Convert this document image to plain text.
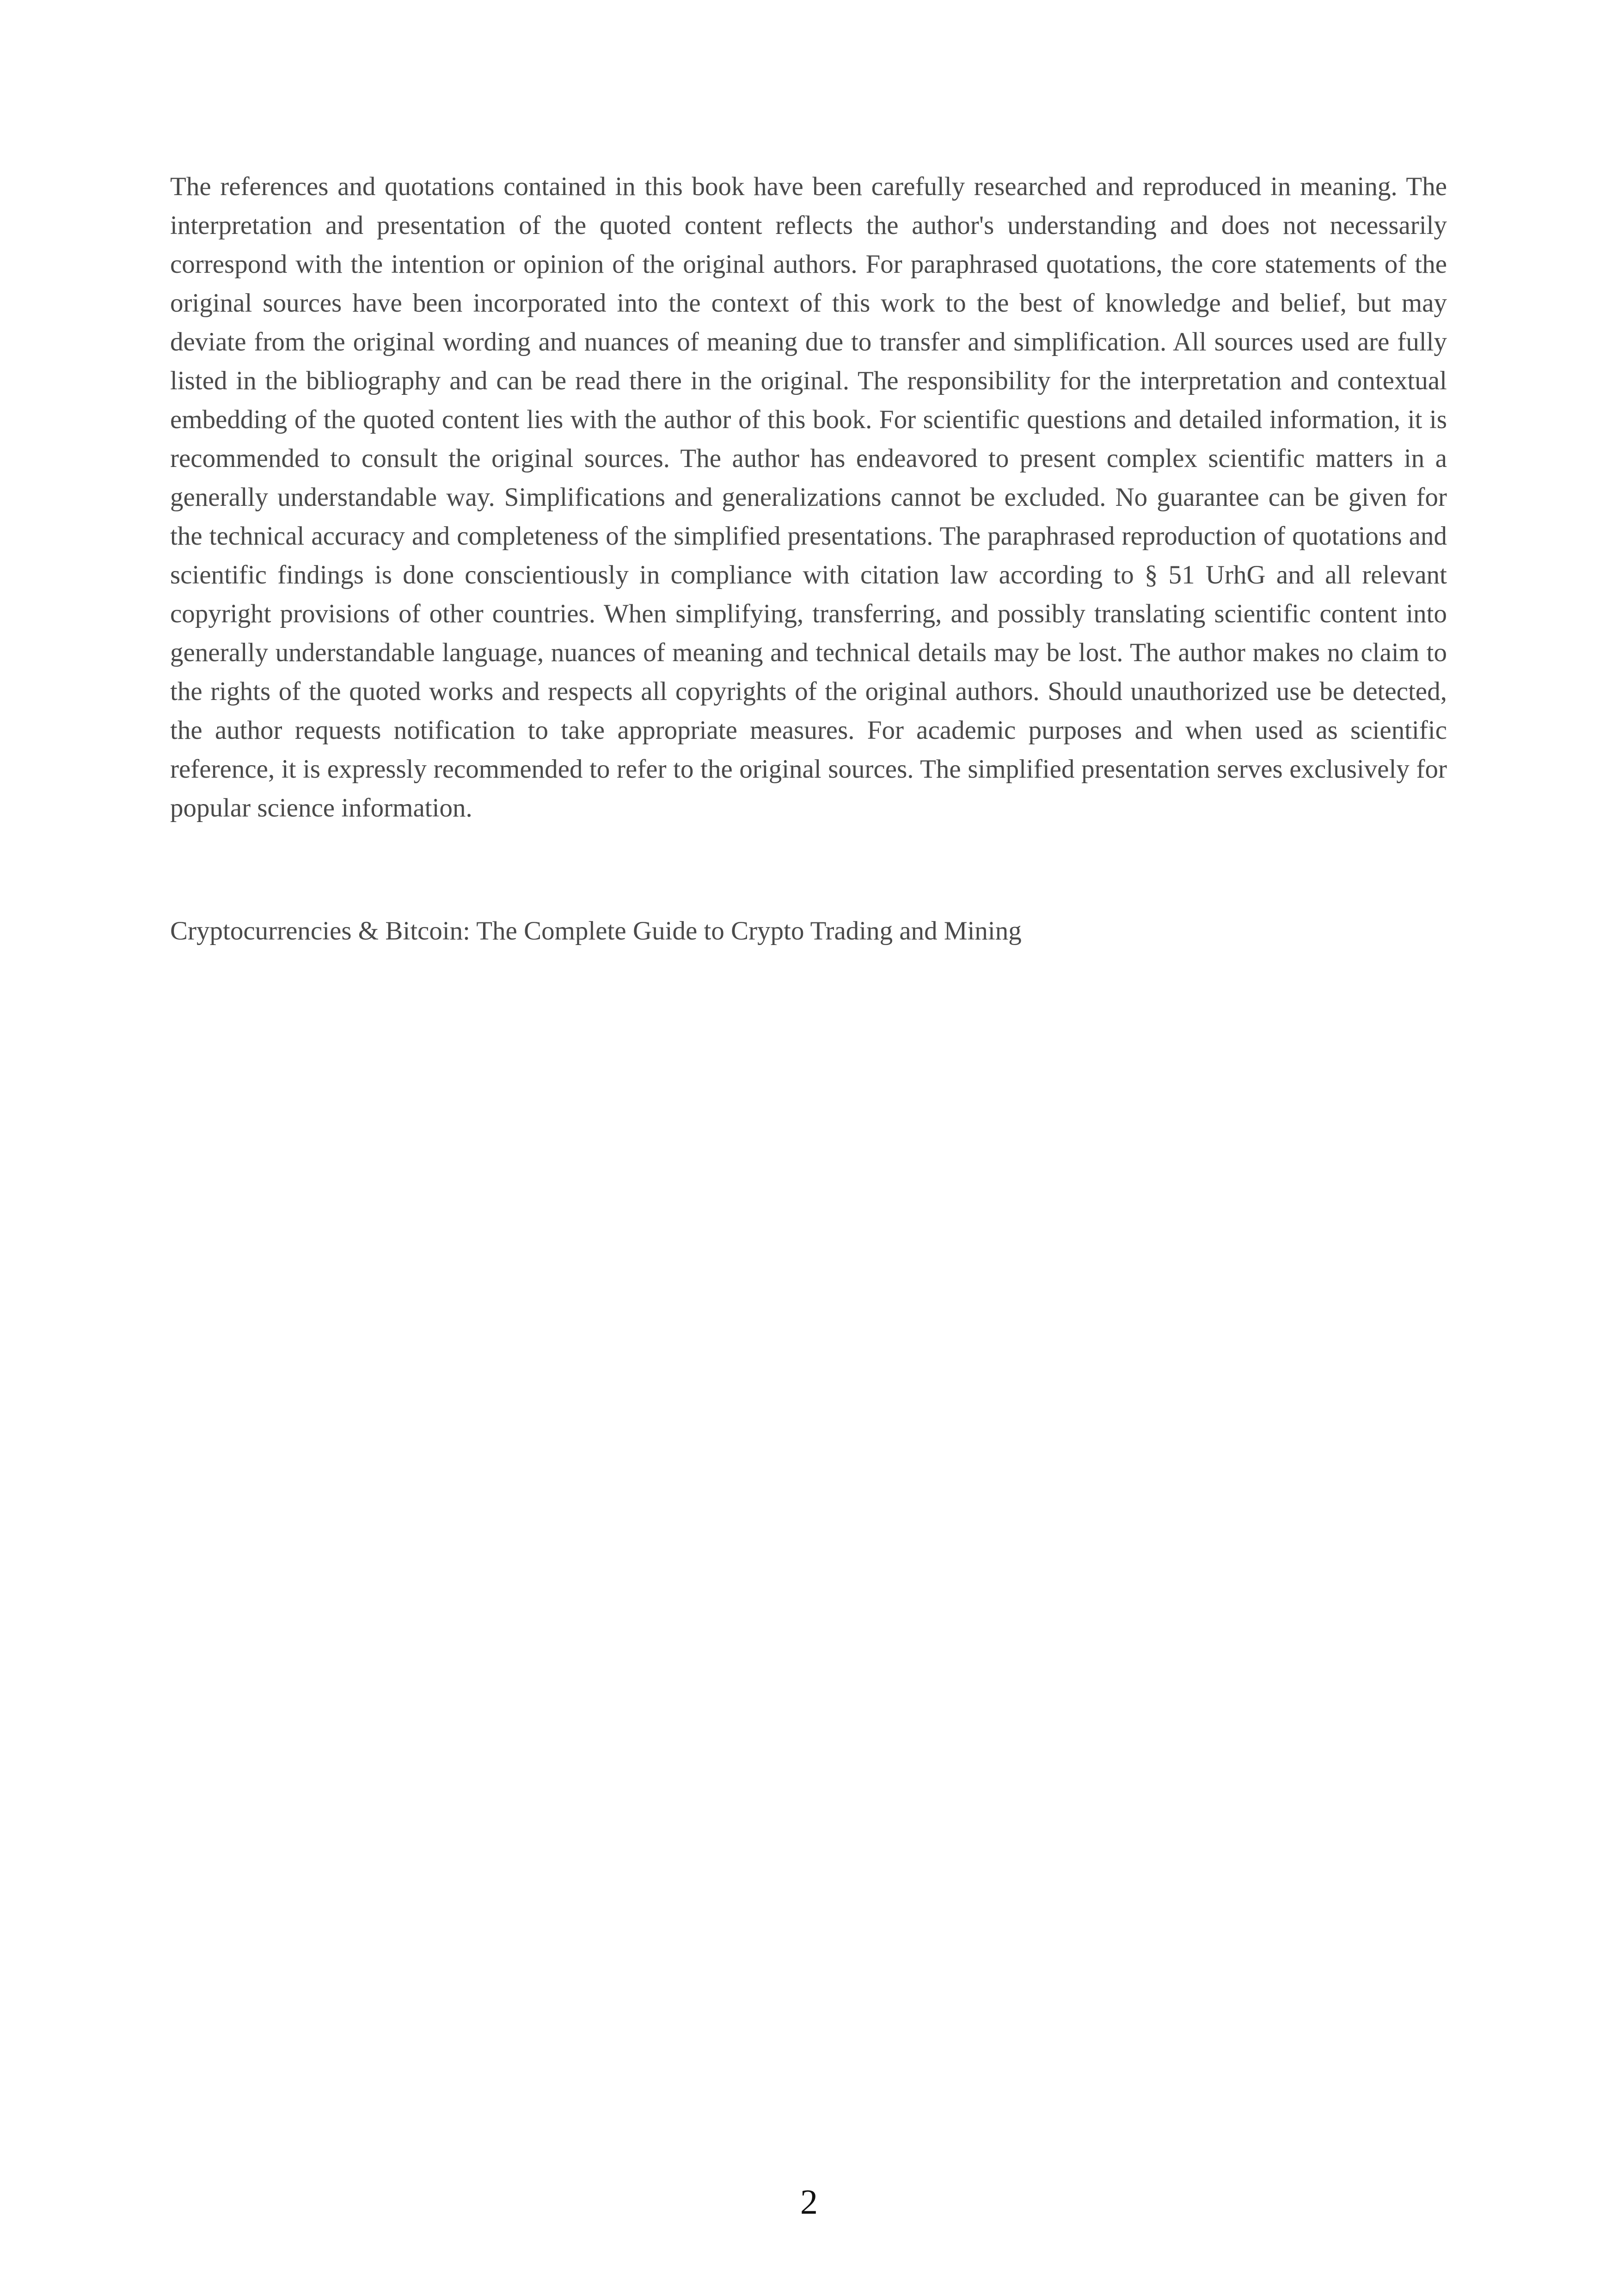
The references and quotations contained in this book have been carefully researched and reproduced in meaning. The interpretation and presentation of the quoted content reflects the author's understanding and does not necessarily correspond with the intention or opinion of the original authors. For paraphrased quotations, the core statements of the original sources have been incorporated into the context of this work to the best of knowledge and belief, but may deviate from the original wording and nuances of meaning due to transfer and simplification. All sources used are fully listed in the bibliography and can be read there in the original. The responsibility for the interpretation and contextual embedding of the quoted content lies with the author of this book. For scientific questions and detailed information, it is recommended to consult the original sources. The author has endeavored to present complex scientific matters in a generally understandable way. Simplifications and generalizations cannot be excluded. No guarantee can be given for the technical accuracy and completeness of the simplified presentations. The paraphrased reproduction of quotations and scientific findings is done conscientiously in compliance with citation law according to § 51 UrhG and all relevant copyright provisions of other countries. When simplifying, transferring, and possibly translating scientific content into generally understandable language, nuances of meaning and technical details may be lost. The author makes no claim to the rights of the quoted works and respects all copyrights of the original authors. Should unauthorized use be detected, the author requests notification to take appropriate measures. For academic purposes and when used as scientific reference, it is expressly recommended to refer to the original sources. The simplified presentation serves exclusively for popular science information.

Cryptocurrencies & Bitcoin: The Complete Guide to Crypto Trading and Mining

2
